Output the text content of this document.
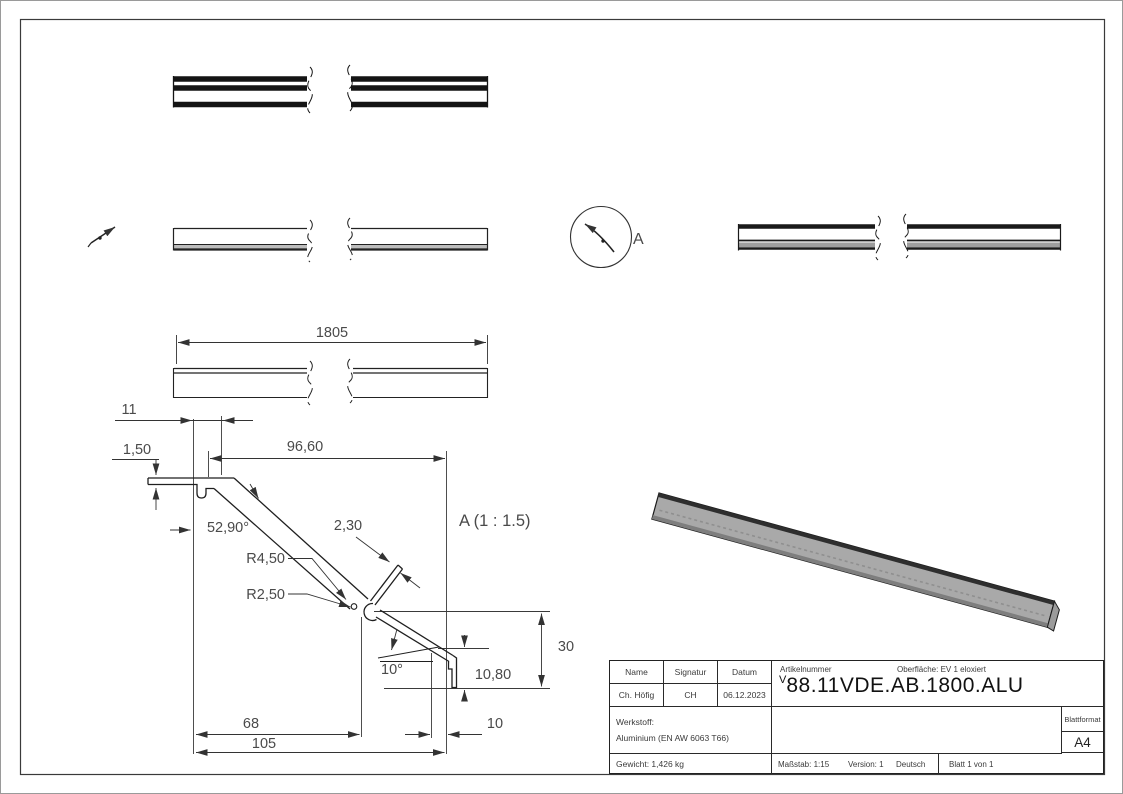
A
1805
11
1,50	96,60
52,90°	2,30
R4,50
R2,50
10°
30
10,80
68
105
10
A (1 : 1.5)
Name	Signatur	Datum
Ch. Höfig	CH	06.12.2023
Werkstoff:
Aluminium (EN AW 6063 T66)
Gewicht: 1,426 kg
Artikelnummer	Oberfläche: EV 1 eloxiert
V88.11VDE.AB.1800.ALU
Blattformat
A4
Maßstab: 1:15 Version: 1 Deutsch	Blatt 1 von 1
